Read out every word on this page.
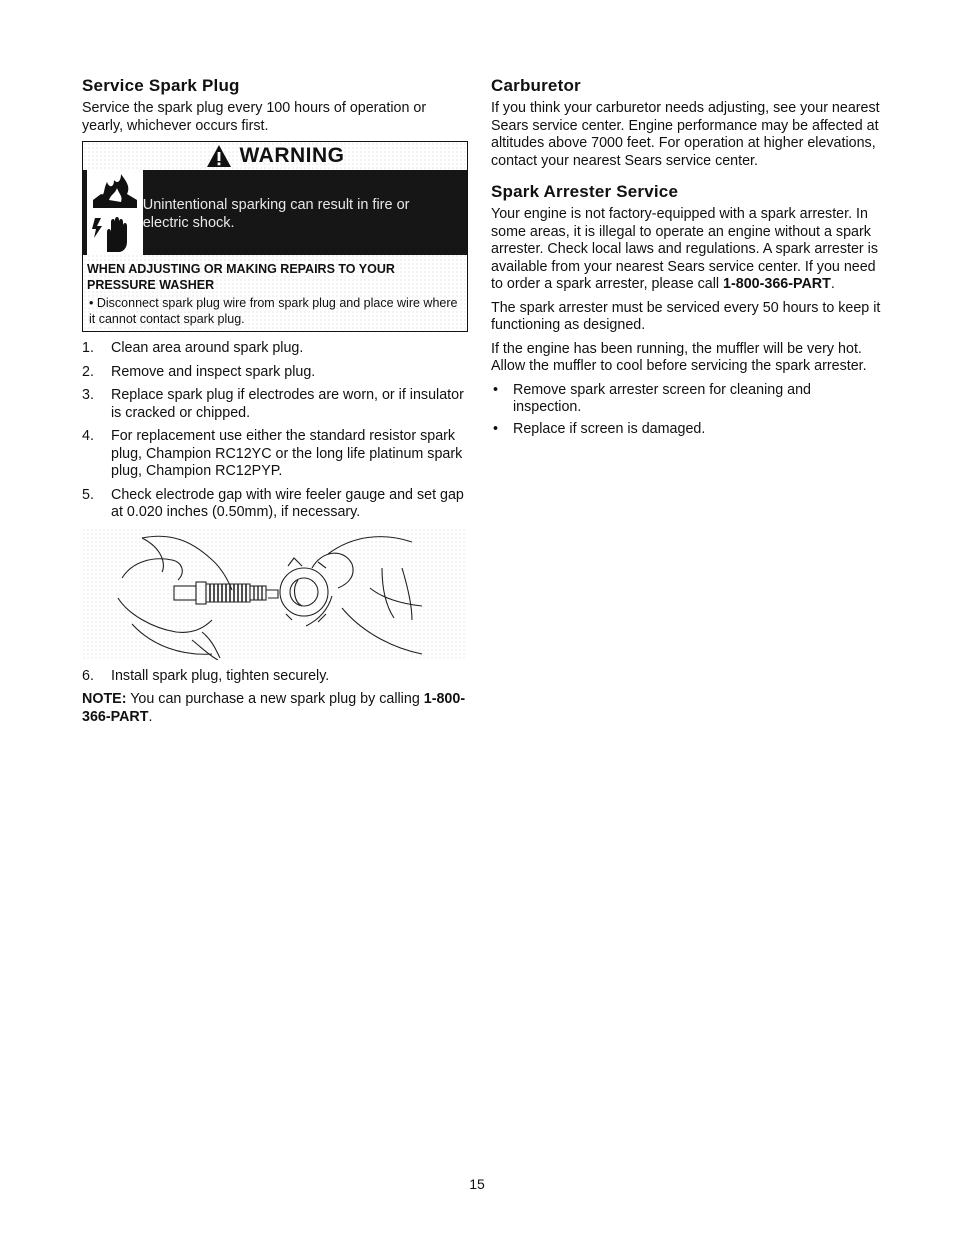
Service Spark Plug

Service the spark plug every 100 hours of operation or yearly, whichever occurs first.

WARNING
Unintentional sparking can result in fire or electric shock.
WHEN ADJUSTING OR MAKING REPAIRS TO YOUR PRESSURE WASHER
• Disconnect spark plug wire from spark plug and place wire where it cannot contact spark plug.
1. Clean area around spark plug.
2. Remove and inspect spark plug.
3. Replace spark plug if electrodes are worn, or if insulator is cracked or chipped.
4. For replacement use either the standard resistor spark plug, Champion RC12YC or the long life platinum spark plug, Champion RC12PYP.
5. Check electrode gap with wire feeler gauge and set gap at 0.020 inches (0.50mm), if necessary.
6. Install spark plug, tighten securely.

NOTE: You can purchase a new spark plug by calling 1-800-366-PART.

Carburetor

If you think your carburetor needs adjusting, see your nearest Sears service center. Engine performance may be affected at altitudes above 7000 feet. For operation at higher elevations, contact your nearest Sears service center.

Spark Arrester Service

Your engine is not factory-equipped with a spark arrester. In some areas, it is illegal to operate an engine without a spark arrester. Check local laws and regulations. A spark arrester is available from your nearest Sears service center. If you need to order a spark arrester, please call 1-800-366-PART.

The spark arrester must be serviced every 50 hours to keep it functioning as designed.

If the engine has been running, the muffler will be very hot. Allow the muffler to cool before servicing the spark arrester.

• Remove spark arrester screen for cleaning and inspection.
• Replace if screen is damaged.
15
